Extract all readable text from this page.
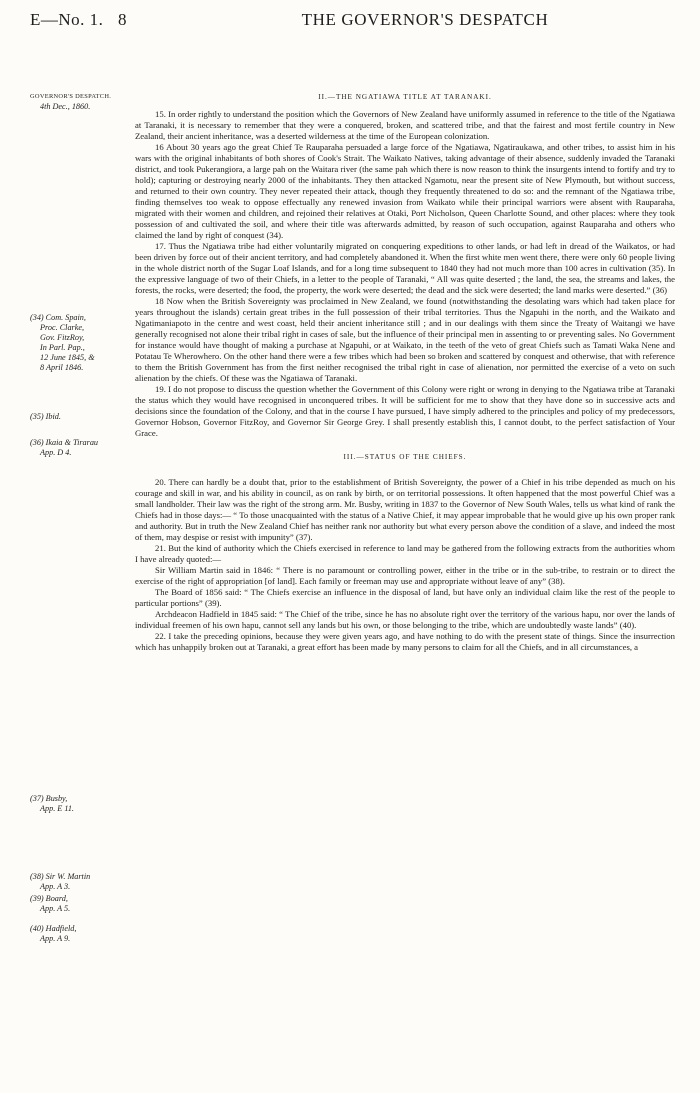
E—No. 1. 8	THE GOVERNOR'S DESPATCH
GOVERNOR'S DESPATCH.
4th Dec., 1860.
(34) Com. Spain,
Proc. Clarke,
Gov. FitzRoy,
In Parl. Pap.,
12 June 1845, &
8 April 1846.
(35) Ibid.
(36) Ikaia & Tirarau
App. D 4.
(37) Busby,
App. E 11.
(38) Sir W. Martin
App. A 3.
(39) Board,
App. A 5.
(40) Hadfield,
App. A 9.
II.—THE NGATIAWA TITLE AT TARANAKI.

15. In order rightly to understand the position which the Governors of New Zealand have uniformly assumed in reference to the title of the Ngatiawa at Taranaki, it is necessary to remember that they were a conquered, broken, and scattered tribe, and that the fairest and most fertile country in New Zealand, their ancient inheritance, was a deserted wilderness at the time of the European colonization.

16 About 30 years ago the great Chief Te Rauparaha persuaded a large force of the Ngatiawa, Ngatiraukawa, and other tribes, to assist him in his wars with the original inhabitants of both shores of Cook's Strait. The Waikato Natives, taking advantage of their absence, suddenly invaded the Taranaki district, and took Pukerangiora, a large pah on the Waitara river (the same pah which there is now reason to think the insurgents intend to fortify and try to hold); capturing or destroying nearly 2000 of the inhabitants. They then attacked Ngamotu, near the present site of New Plymouth, but without success, and returned to their own country. They never repeated their attack, though they frequently threatened to do so: and the remnant of the Ngatiawa tribe, finding themselves too weak to oppose effectually any renewed invasion from Waikato while their principal warriors were absent with Rauparaha, migrated with their women and children, and rejoined their relatives at Otaki, Port Nicholson, Queen Charlotte Sound, and other places: where they took possession of and cultivated the soil, and where their title was afterwards admitted, by reason of such occupation, against Rauparaha and others who claimed the land by right of conquest (34).

17. Thus the Ngatiawa tribe had either voluntarily migrated on conquering expeditions to other lands, or had left in dread of the Waikatos, or had been driven by force out of their ancient territory, and had completely abandoned it. When the first white men went there, there were only 60 people living in the whole district north of the Sugar Loaf Islands, and for a long time subsequent to 1840 they had not much more than 100 acres in cultivation (35). In the expressive language of two of their Chiefs, in a letter to the people of Taranaki, “ All was quite deserted ; the land, the sea, the streams and lakes, the forests, the rocks, were deserted; the food, the property, the work were deserted; the dead and the sick were deserted; the land marks were deserted.” (36)

18 Now when the British Sovereignty was proclaimed in New Zealand, we found (notwithstanding the desolating wars which had taken place for years throughout the islands) certain great tribes in the full possession of their tribal territories. Thus the Ngapuhi in the north, and the Waikato and Ngatimaniapoto in the centre and west coast, held their ancient inheritance still ; and in our dealings with them since the Treaty of Waitangi we have generally recognised not alone their tribal right in cases of sale, but the influence of their principal men in assenting to or preventing sales. No Government for instance would have thought of making a purchase at Ngapuhi, or at Waikato, in the teeth of the veto of great Chiefs such as Tamati Waka Nene and Potatau Te Wherowhero. On the other hand there were a few tribes which had been so broken and scattered by conquest and otherwise, that with reference to them the British Government has from the first neither recognised the tribal right in case of alienation, nor permitted the exercise of a veto on such alienation by the chiefs. Of these was the Ngatiawa of Taranaki.

19. I do not propose to discuss the question whether the Government of this Colony were right or wrong in denying to the Ngatiawa tribe at Taranaki the status which they would have recognised in unconquered tribes. It will be sufficient for me to show that they have done so in successive acts and decisions since the foundation of the Colony, and that in the course I have pursued, I have simply adhered to the principles and policy of my predecessors, Governor Hobson, Governor FitzRoy, and Governor Sir George Grey. I shall presently establish this, I cannot doubt, to the perfect satisfaction of Your Grace.

III.—STATUS OF THE CHIEFS.

20. There can hardly be a doubt that, prior to the establishment of British Sovereignty, the power of a Chief in his tribe depended as much on his courage and skill in war, and his ability in council, as on rank by birth, or on territorial possessions. It often happened that the most powerful Chief was a small landholder. Their law was the right of the strong arm. Mr. Busby, writing in 1837 to the Governor of New South Wales, tells us what kind of rank the Chiefs had in those days:— “ To those unacquainted with the status of a Native Chief, it may appear improbable that he would give up his own proper rank and authority. But in truth the New Zealand Chief has neither rank nor authority but what every person above the condition of a slave, and indeed the most of them, may despise or resist with impunity” (37).

21. But the kind of authority which the Chiefs exercised in reference to land may be gathered from the following extracts from the authorities whom I have already quoted:—

Sir William Martin said in 1846: “ There is no paramount or controlling power, either in the tribe or in the sub-tribe, to restrain or to direct the exercise of the right of appropriation [of land]. Each family or freeman may use and appropriate without leave of any” (38).

The Board of 1856 said: “ The Chiefs exercise an influence in the disposal of land, but have only an individual claim like the rest of the people to particular portions” (39).

Archdeacon Hadfield in 1845 said: “ The Chief of the tribe, since he has no absolute right over the territory of the various hapu, nor over the lands of individual freemen of his own hapu, cannot sell any lands but his own, or those belonging to the tribe, which are undoubtedly waste lands” (40).

22. I take the preceding opinions, because they were given years ago, and have nothing to do with the present state of things. Since the insurrection which has unhappily broken out at Taranaki, a great effort has been made by many persons to claim for all the Chiefs, and in all circumstances, a
